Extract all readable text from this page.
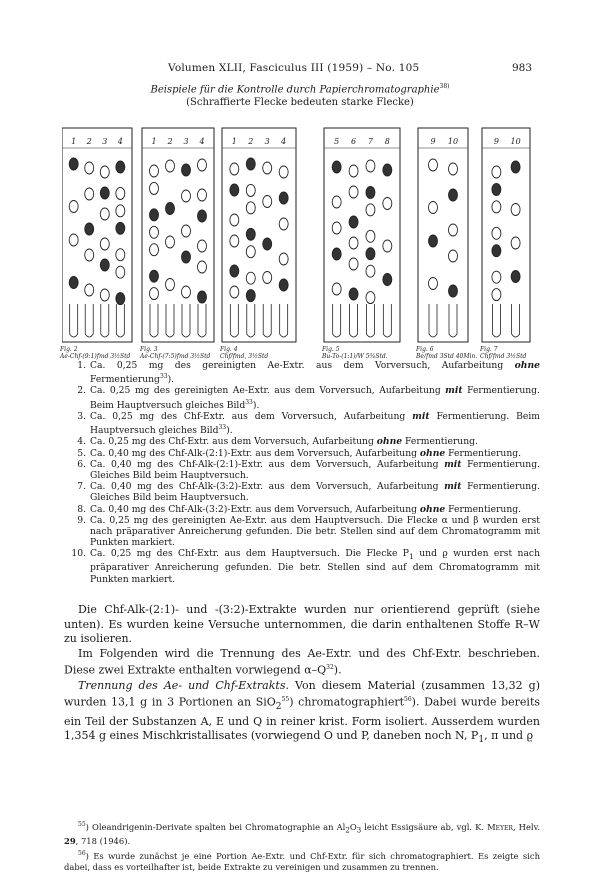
Volumen XLII, Fasciculus III (1959) – No. 105	983
Beispiele für die Kontrolle durch Papierchromatographie$^{38)}$
(Schraffierte Flecke bedeuten starke Flecke)
1 2 3 4	1 2 3 4	1 2 3 4	5 6 7 8	9 10	9 10
Fig. 2
Ae-Chf-(9:1)fmd 3½Std
Fig. 3
Ae-Chf-(7:5)fmd 3½Std
Fig. 4
Chf/fmd, 3½Std
Fig. 5
Bu-To-(1:1)/W 5¾Std.
Fig. 6
Be/fmd 3Std 40Min.
Fig. 7
Chf/fmd 3½Std
1. Ca. 0,25 mg des gereinigten Ae-Extr. aus dem Vorversuch, Aufarbeitung ohne Fermentierung$^{33}$).
2. Ca. 0,25 mg des gereinigten Ae-Extr. aus dem Vorversuch, Aufarbeitung mit Fermentierung. Beim Hauptversuch gleiches Bild$^{33}$).
3. Ca. 0,25 mg des Chf-Extr. aus dem Vorversuch, Aufarbeitung mit Fermentierung. Beim Hauptversuch gleiches Bild$^{33}$).
4. Ca. 0,25 mg des Chf-Extr. aus dem Vorversuch, Aufarbeitung ohne Fermentierung.
5. Ca. 0,40 mg des Chf-Alk-(2:1)-Extr. aus dem Vorversuch, Aufarbeitung ohne Fermentierung.
6. Ca. 0,40 mg des Chf-Alk-(2:1)-Extr. aus dem Vorversuch, Aufarbeitung mit Fermentierung. Gleiches Bild beim Hauptversuch.
7. Ca. 0,40 mg des Chf-Alk-(3:2)-Extr. aus dem Vorversuch, Aufarbeitung mit Fermentierung. Gleiches Bild beim Hauptversuch.
8. Ca. 0,40 mg des Chf-Alk-(3:2)-Extr. aus dem Vorversuch, Aufarbeitung ohne Fermentierung.
9. Ca. 0,25 mg des gereinigten Ae-Extr. aus dem Hauptversuch. Die Flecke α und β wurden erst nach präparativer Anreicherung gefunden. Die betr. Stellen sind auf dem Chromatogramm mit Punkten markiert.
10. Ca. 0,25 mg des Chf-Extr. aus dem Hauptversuch. Die Flecke $P_1$ und ϱ wurden erst nach präparativer Anreicherung gefunden. Die betr. Stellen sind auf dem Chromatogramm mit Punkten markiert.

Die Chf-Alk-(2:1)- und -(3:2)-Extrakte wurden nur orientierend geprüft (siehe unten). Es wurden keine Versuche unternommen, die darin enthaltenen Stoffe R–W zu isolieren.

Im Folgenden wird die Trennung des Ae-Extr. und des Chf-Extr. beschrieben. Diese zwei Extrakte enthalten vorwiegend $\alpha-Q^{32}$).

Trennung des Ae- und Chf-Extrakts. Von diesem Material (zusammen 13,32 g) wurden 13,1 g in 3 Portionen an SiO$_2^{55}$) chromatographiert$^{56}$). Dabei wurde bereits ein Teil der Substanzen A, E und Q in reiner krist. Form isoliert. Ausserdem wurden 1,354 g eines Mischkristallisates (vorwiegend O und P, daneben noch N, $P_1$, π und ϱ

$^{55}$) Oleandrigenin-Derivate spalten bei Chromatographie an $Al_2O_3$ leicht Essigsäure ab, vgl. K. Meyer, Helv. 29, 718 (1946).

$^{56}$) Es wurde zunächst je eine Portion Ae-Extr. und Chf-Extr. für sich chromatographiert. Es zeigte sich dabei, dass es vorteilhafter ist, beide Extrakte zu vereinigen und zusammen zu trennen.
